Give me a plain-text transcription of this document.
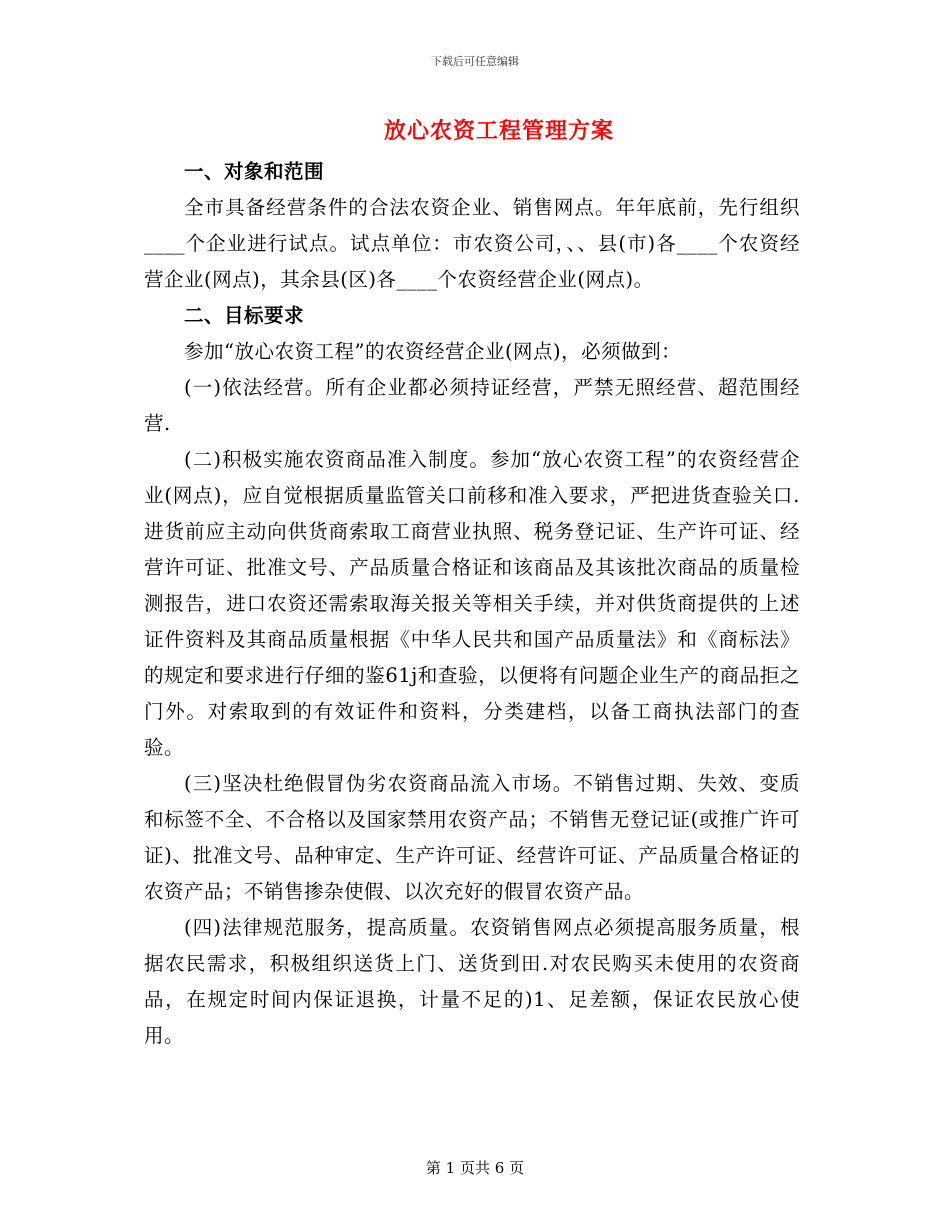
下载后可任意编辑
放心农资工程管理方案

一、对象和范围

全市具备经营条件的合法农资企业、销售网点。年年底前，先行组织____个企业进行试点。试点单位：市农资公司，、、县(市)各____个农资经营企业(网点)，其余县(区)各____个农资经营企业(网点)。

二、目标要求

参加“放心农资工程”的农资经营企业(网点)，必须做到：

(一)依法经营。所有企业都必须持证经营，严禁无照经营、超范围经营.

(二)积极实施农资商品准入制度。参加“放心农资工程”的农资经营企业(网点)，应自觉根据质量监管关口前移和准入要求，严把进货查验关口.进货前应主动向供货商索取工商营业执照、税务登记证、生产许可证、经营许可证、批准文号、产品质量合格证和该商品及其该批次商品的质量检测报告，进口农资还需索取海关报关等相关手续，并对供货商提供的上述证件资料及其商品质量根据《中华人民共和国产品质量法》和《商标法》的规定和要求进行仔细的鉴61j和查验，以便将有问题企业生产的商品拒之门外。对索取到的有效证件和资料，分类建档，以备工商执法部门的查验。

(三)坚决杜绝假冒伪劣农资商品流入市场。不销售过期、失效、变质和标签不全、不合格以及国家禁用农资产品；不销售无登记证(或推广许可证)、批准文号、品种审定、生产许可证、经营许可证、产品质量合格证的农资产品；不销售掺杂使假、以次充好的假冒农资产品。

(四)法律规范服务，提高质量。农资销售网点必须提高服务质量，根据农民需求，积极组织送货上门、送货到田.对农民购买未使用的农资商品，在规定时间内保证退换，计量不足的)1、足差额，保证农民放心使用。

第 1 页共 6 页
